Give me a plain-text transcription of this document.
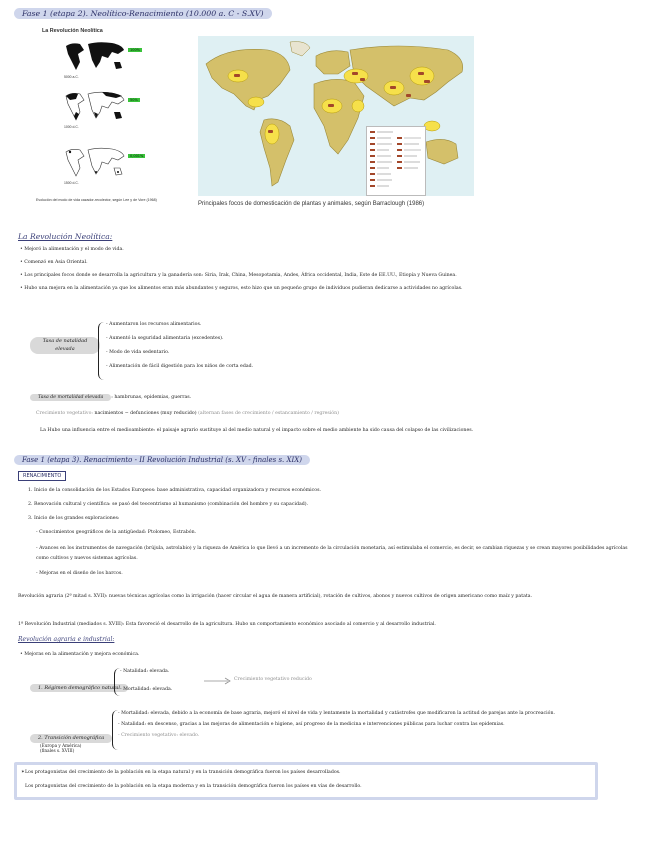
Fase 1 (etapa 2). Neolítico-Renacimiento (10.000 a. C - S.XV)
La Revolución Neolítica
100%
5000 a.C.
50%
1000 d.C.
0,001%
1500 d.C.
Evolución del modo de vida cazador-recolector, según Lee y de Vore (1968)
Principales focos de domesticación de plantas y animales, según Barraclough (1986)
La Revolución Neolítica:
• Mejoró la alimentación y el modo de vida.
• Comenzó en Asia Oriental.
• Los principales focos donde se desarrolla la agricultura y la ganadería son: Siria, Irak, China, Mesopotamia, Andes, África occidental, India, Este de EE.UU., Etiopía y Nueva Guinea.
• Hubo una mejora en la alimentación ya que los alimentos eran más abundantes y seguros, esto hizo que un pequeño grupo de individuos pudieran dedicarse a actividades no agrícolas.
Tasa de natalidad elevada
- Aumentaron los recursos alimentarios.
- Aumentó la seguridad alimentaria (excedentes).
- Modo de vida sedentario.
- Alimentación de fácil digestión para los niños de corta edad.
Tasa de mortalidad elevada : hambrunas, epidemias, guerras.
Crecimiento vegetativo: nacimientos − defunciones (muy reducido) (alternan fases de crecimiento / estancamiento / regresión)
La Hubo una influencia entre el medioambiente: el paisaje agrario sustituye al del medio natural y el impacto sobre el medio ambiente ha sido causa del colapso de las civilizaciones.
Fase 1 (etapa 3). Renacimiento - II Revolución Industrial (s. XV - finales s. XIX)
RENACIMIENTO
1. Inicio de la consolidación de los Estados Europeos: base administrativa, capacidad organizadora y recursos económicos.
2. Renovación cultural y científica: se pasó del teocentrismo al humanismo (combinación del hombre y su capacidad).
3. Inicio de los grandes exploraciones:
- Conocimientos geográficos de la antigüedad: Ptolomeo, Estrabón.
- Avances en los instrumentos de navegación (brújula, astrolabio) y la riqueza de América lo que llevó a un incremento de la circulación monetaria, así estimulaba el comercio, es decir, se cambian riquezas y se crean mayores posibilidades agrícolas como cultivos y nuevos sistemas agrícolas.
- Mejoras en el diseño de los barcos.
Revolución agraria (2ª mitad s. XVII): nuevas técnicas agrícolas como la irrigación (hacer circular el agua de manera artificial), rotación de cultivos, abonos y nuevos cultivos de origen americano como maíz y patata.
1ª Revolución Industrial (mediados s. XVIII): Esta favoreció el desarrollo de la agricultura. Hubo un comportamiento económico asociado al comercio y al desarrollo industrial.
Revolución agraria e industrial:
• Mejoras en la alimentación y mejora económica.
1. Régimen demográfico natural
- Natalidad: elevada.
- Mortalidad: elevada.
Crecimiento vegetativo reducido
2. Transición demográfica
(Europa y América)
(finales s. XVIII)
- Mortalidad: elevada, debido a la economía de base agraria, mejoró el nivel de vida y lentamente la mortalidad y catástrofes que modificaron la actitud de parejas ante la procreación.
- Natalidad: en descenso, gracias a las mejoras de alimentación e higiene, así progreso de la medicina e intervenciones públicas para luchar contra las epidemias.
- Crecimiento vegetativo: elevado.
✶Los protagonistas del crecimiento de la población en la etapa natural y en la transición demográfica fueron los países desarrollados.
Los protagonistas del crecimiento de la población en la etapa moderna y en la transición demográfica fueron los países en vías de desarrollo.
